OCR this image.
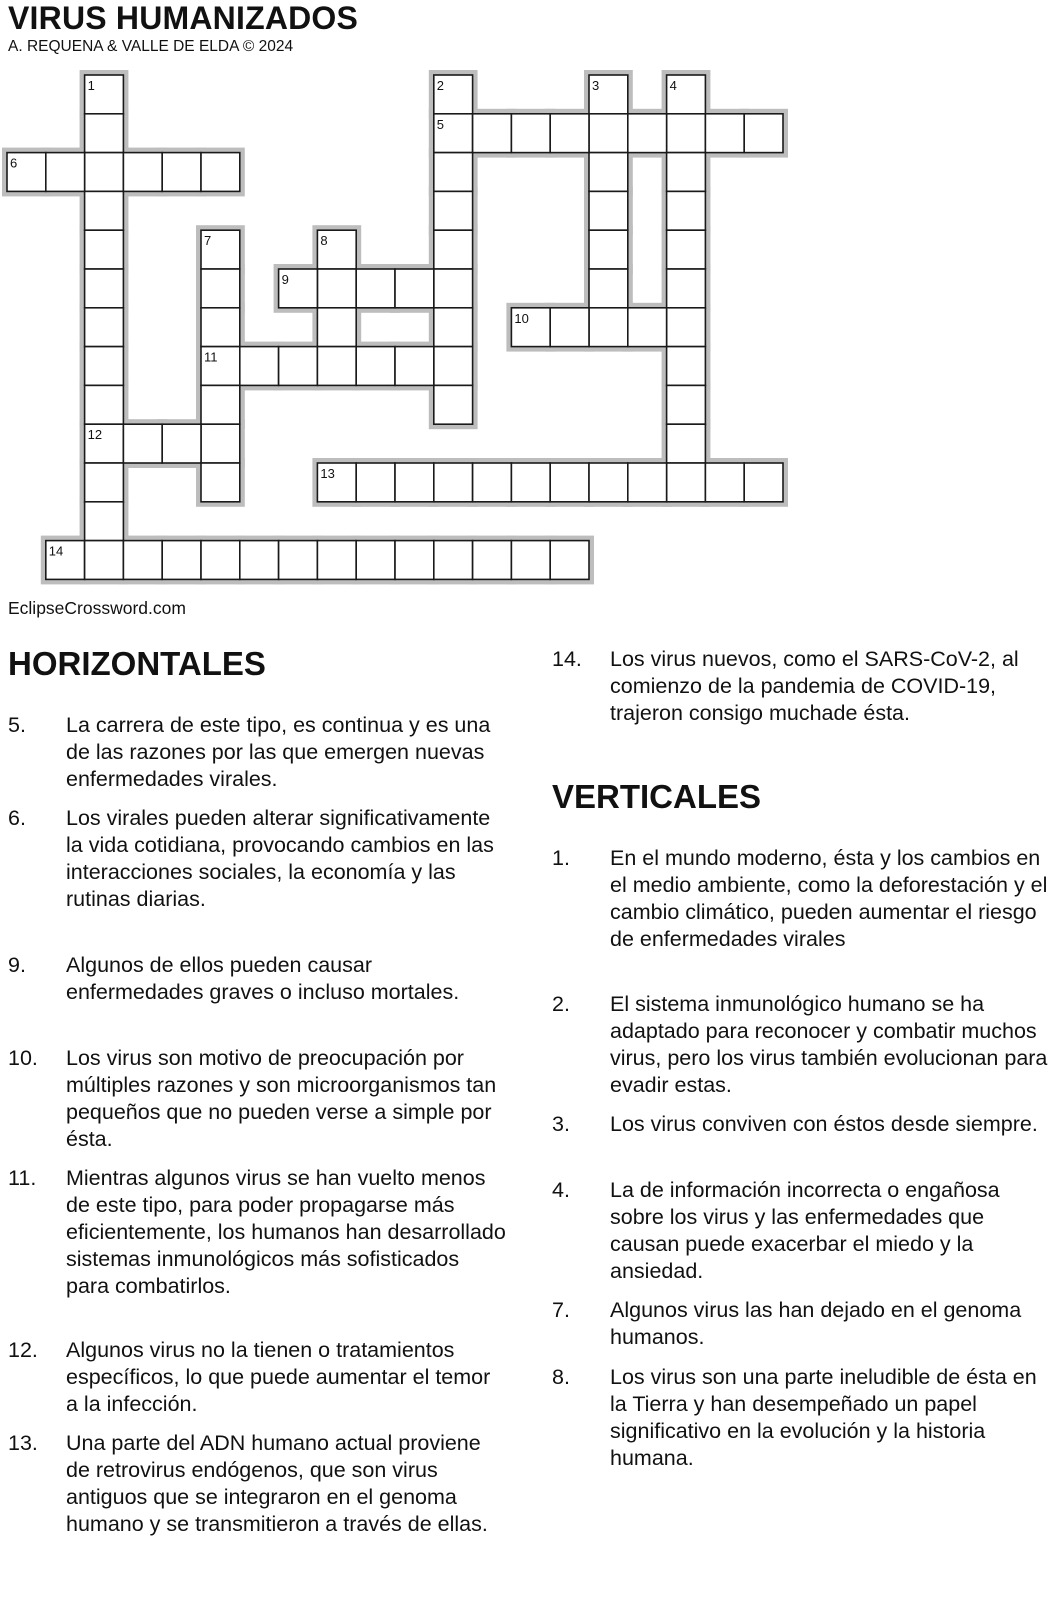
VIRUS HUMANIZADOS
A. REQUENA & VALLE DE ELDA © 2024
1	2	3	4
5
6
7	8
9
10
11
12
13
14
EclipseCrossword.com
HORIZONTALES
VERTICALES
5. La carrera de este tipo, es continua y es una de las razones por las que emergen nuevas enfermedades virales.
6. Los virales pueden alterar significativamente la vida cotidiana, provocando cambios en las interacciones sociales, la economía y las rutinas diarias.
9. Algunos de ellos pueden causar enfermedades graves o incluso mortales.
10. Los virus son motivo de preocupación por múltiples razones y son microorganismos tan pequeños que no pueden verse a simple por ésta.
11. Mientras algunos virus se han vuelto menos de este tipo, para poder propagarse más eficientemente, los humanos han desarrollado sistemas inmunológicos más sofisticados para combatirlos.
12. Algunos virus no la tienen o tratamientos específicos, lo que puede aumentar el temor a la infección.
13. Una parte del ADN humano actual proviene de retrovirus endógenos, que son virus antiguos que se integraron en el genoma humano y se transmitieron a través de ellas.
14. Los virus nuevos, como el SARS-CoV-2, al comienzo de la pandemia de COVID-19, trajeron consigo muchade ésta.
1. En el mundo moderno, ésta y los cambios en el medio ambiente, como la deforestación y el cambio climático, pueden aumentar el riesgo de enfermedades virales
2. El sistema inmunológico humano se ha adaptado para reconocer y combatir muchos virus, pero los virus también evolucionan para evadir estas.
3. Los virus conviven con éstos desde siempre.
4. La de información incorrecta o engañosa sobre los virus y las enfermedades que causan puede exacerbar el miedo y la ansiedad.
7. Algunos virus las han dejado en el genoma humanos.
8. Los virus son una parte ineludible de ésta en la Tierra y han desempeñado un papel significativo en la evolución y la historia humana.
